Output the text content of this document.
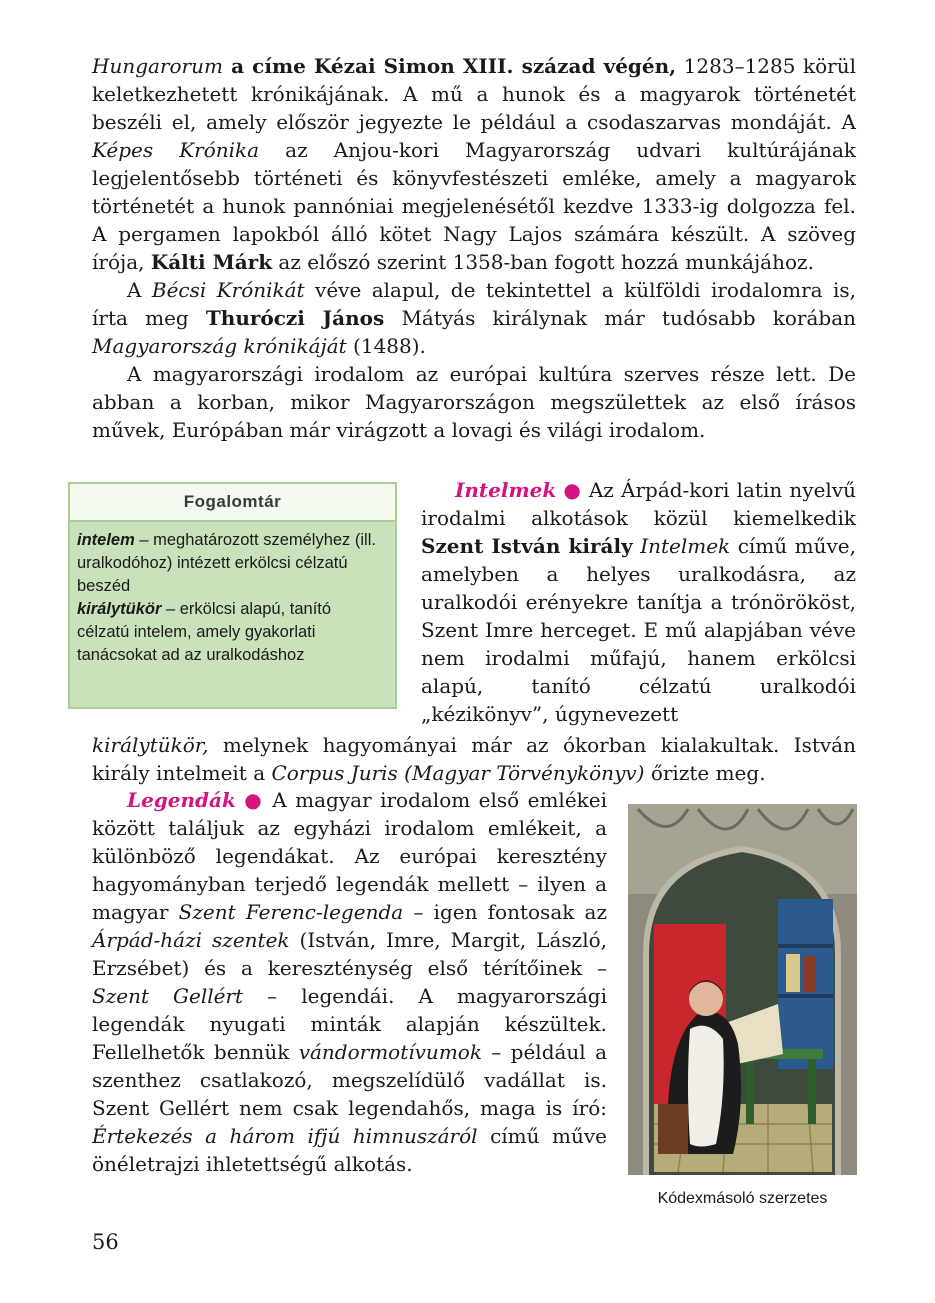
Hungarorum a címe Kézai Simon XIII. század végén, 1283–1285 körül keletkezhetett krónikájának. A mű a hunok és a magyarok történetét beszéli el, amely először jegyezte le például a csodaszarvas mondáját. A Képes Krónika az Anjou-kori Magyarország udvari kultúrájának legjelentősebb történeti és könyvfestészeti emléke, amely a magyarok történetét a hunok pannóniai megjelenésétől kezdve 1333-ig dolgozza fel. A pergamen lapokból álló kötet Nagy Lajos számára készült. A szöveg írója, Kálti Márk az előszó szerint 1358-ban fogott hozzá munkájához.

A Bécsi Krónikát véve alapul, de tekintettel a külföldi irodalomra is, írta meg Thuróczi János Mátyás királynak már tudósabb korában Magyarország krónikáját (1488).

A magyarországi irodalom az európai kultúra szerves része lett. De abban a korban, mikor Magyarországon megszülettek az első írásos művek, Európában már virágzott a lovagi és világi irodalom.

Fogalomtár
intelem – meghatározott személyhez (ill. uralkodóhoz) intézett erkölcsi célzatú beszéd
királytükör – erkölcsi alapú, tanító célzatú intelem, amely gyakorlati tanácsokat ad az uralkodáshoz

Intelmek ● Az Árpád-kori latin nyelvű irodalmi alkotások közül kiemelkedik Szent István király Intelmek című műve, amelyben a helyes uralkodásra, az uralkodói erényekre tanítja a trónörököst, Szent Imre herceget. E mű alapjában véve nem irodalmi műfajú, hanem erkölcsi alapú, tanító célzatú uralkodói „kézikönyv”, úgynevezett

királytükör, melynek hagyományai már az ókorban kialakultak. István király intelmeit a Corpus Juris (Magyar Törvénykönyv) őrizte meg.

Legendák ● A magyar irodalom első emlékei között találjuk az egyházi irodalom emlékeit, a különböző legendákat. Az európai keresztény hagyományban terjedő legendák mellett – ilyen a magyar Szent Ferenc-legenda – igen fontosak az Árpád-házi szentek (István, Imre, Margit, László, Erzsébet) és a kereszténység első térítőinek – Szent Gellért – legendái. A magyarországi legendák nyugati minták alapján készültek. Fellelhetők bennük vándormotívumok – például a szenthez csatlakozó, megszelídülő vadállat is. Szent Gellért nem csak legendahős, maga is író: Értekezés a három ifjú himnuszáról című műve önéletrajzi ihletettségű alkotás.

Kódexmásoló szerzetes
56
